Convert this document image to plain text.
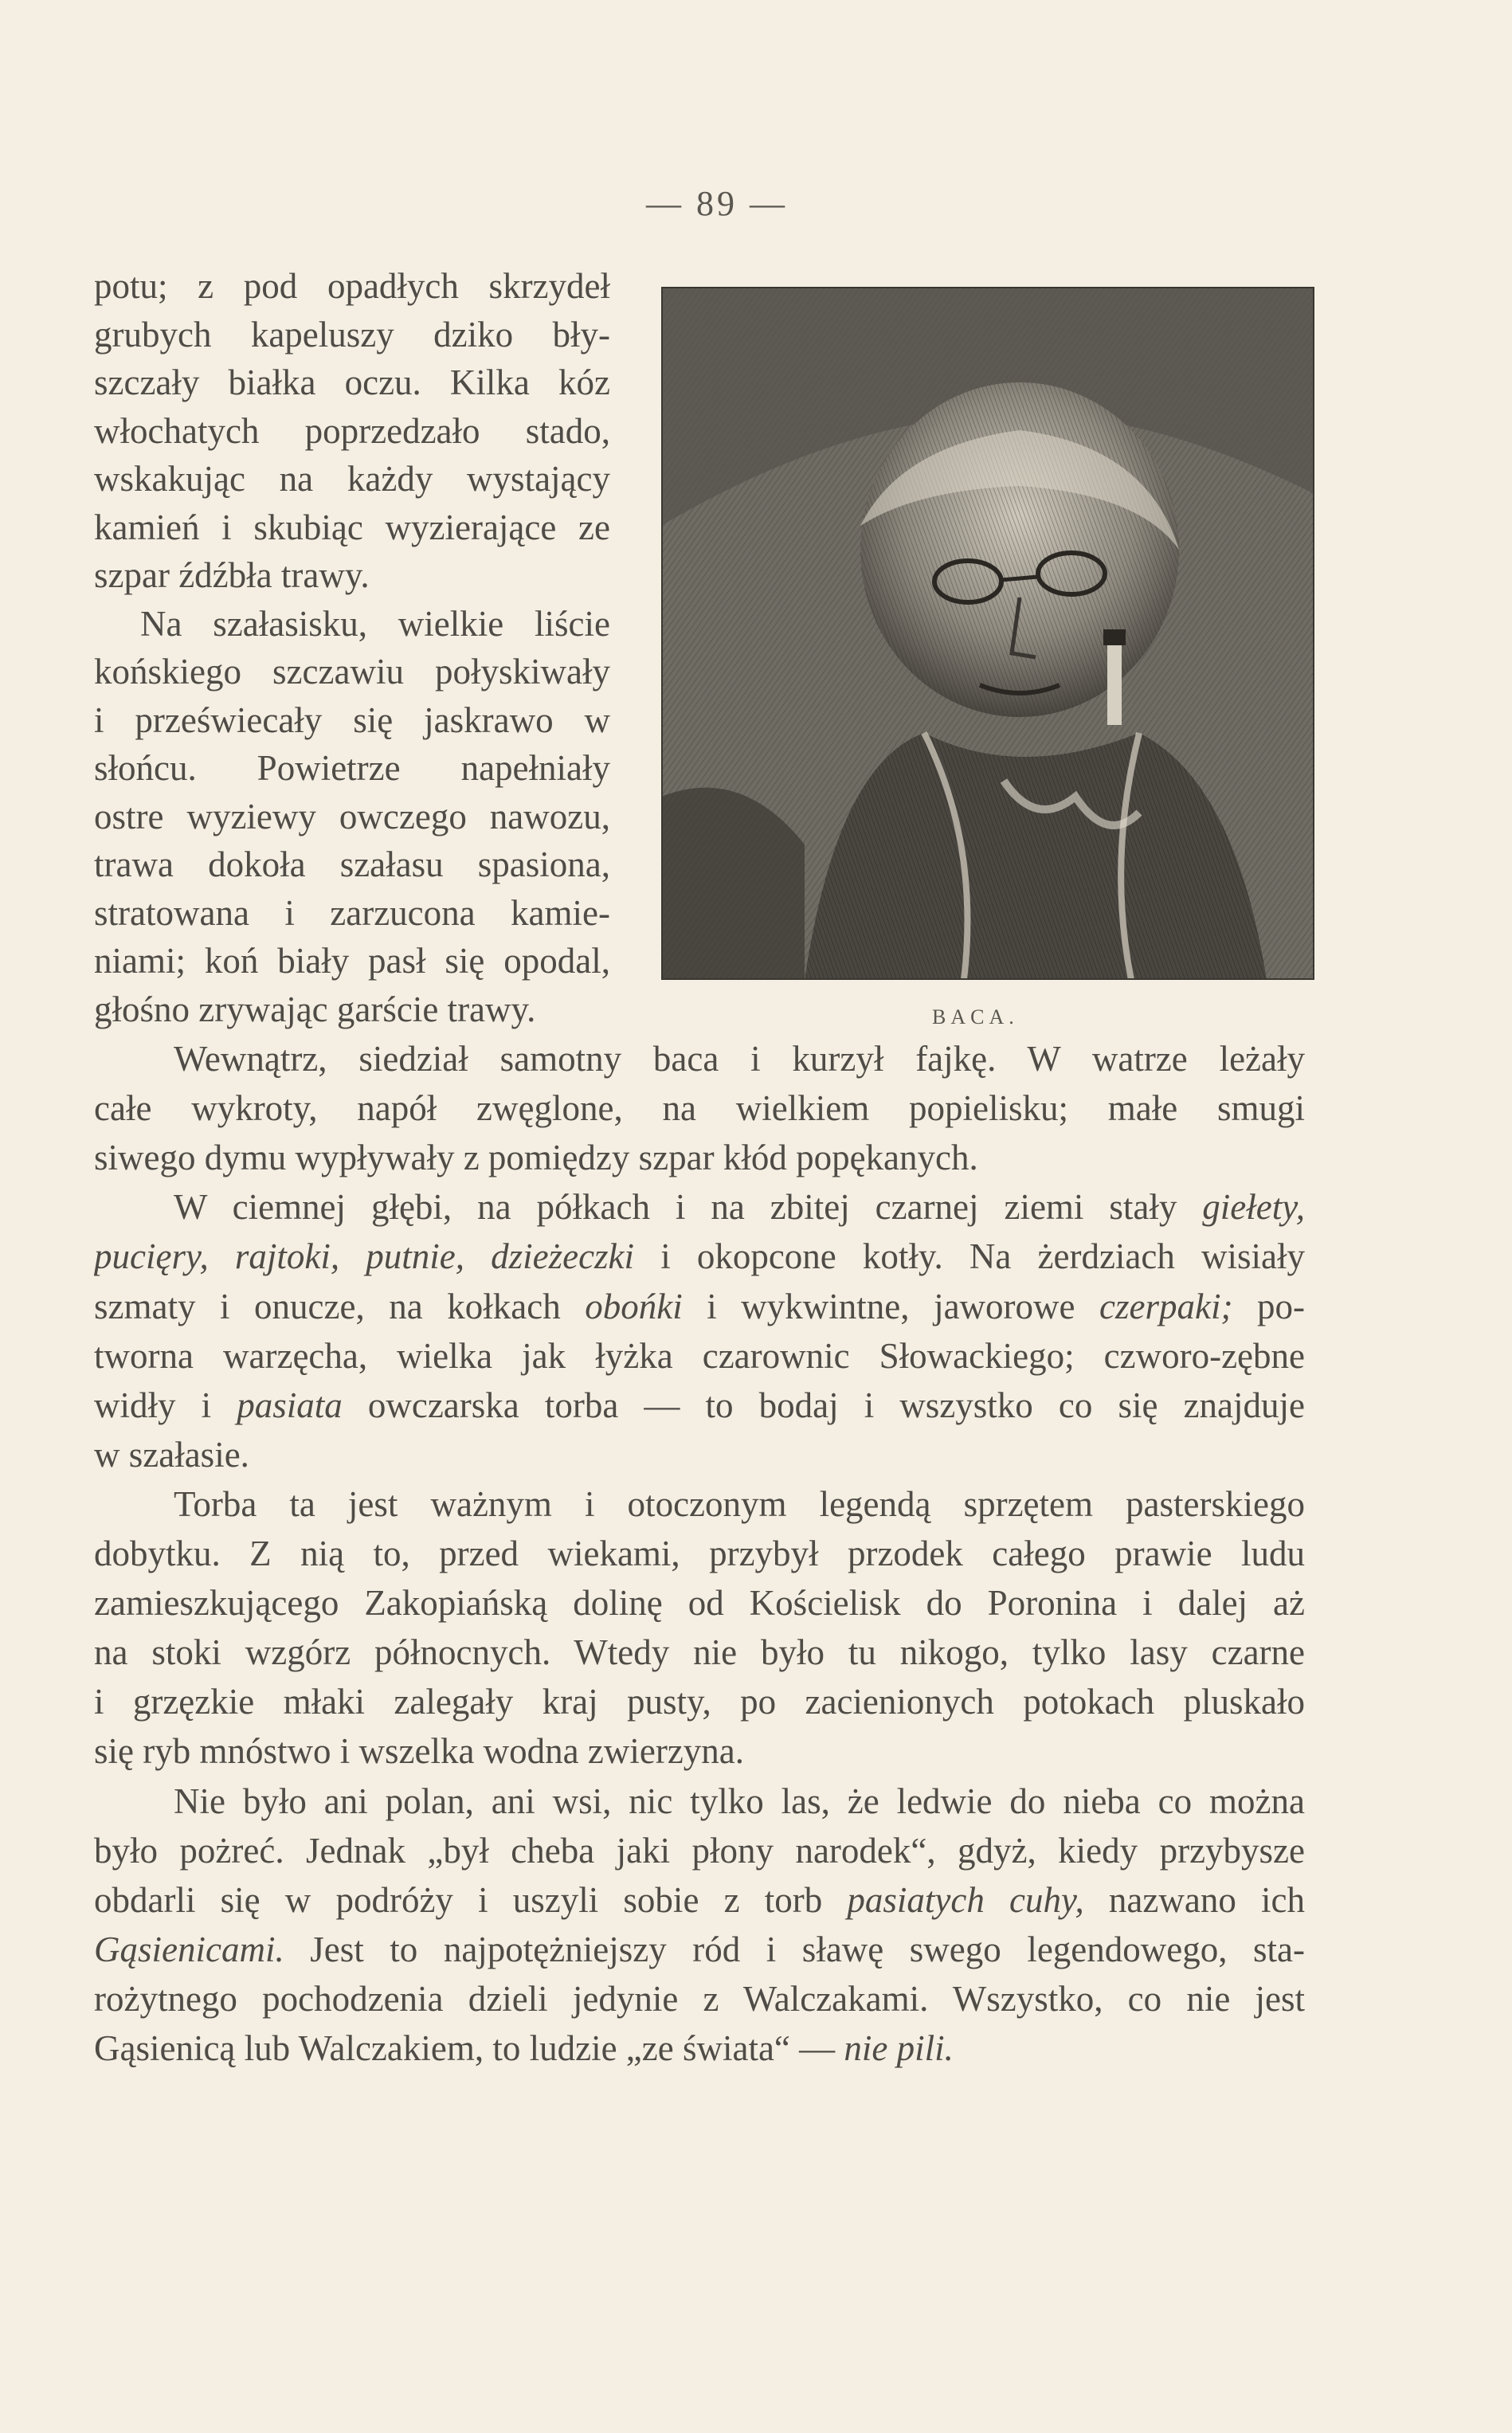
— 89 —
potu; z pod opadłych skrzydeł
grubych kapeluszy dziko bły-
szczały białka oczu. Kilka kóz
włochatych poprzedzało stado,
wskakując na każdy wystający
kamień i skubiąc wyzierające ze
szpar źdźbła trawy.
Na szałasisku, wielkie liście
końskiego szczawiu połyskiwały
i przeświecały się jaskrawo w
słońcu. Powietrze napełniały
ostre wyziewy owczego nawozu,
trawa dokoła szałasu spasiona,
stratowana i zarzucona kamie-
niami; koń biały pasł się opodal,
głośno zrywając garście trawy.	BACA.
Wewnątrz, siedział samotny baca i kurzył fajkę. W watrze leżały
całe wykroty, napół zwęglone, na wielkiem popielisku; małe smugi
siwego dymu wypływały z pomiędzy szpar kłód popękanych.
W ciemnej głębi, na półkach i na zbitej czarnej ziemi stały giełety,
pucięry, rajtoki, putnie, dzieżeczki i okopcone kotły. Na żerdziach wisiały
szmaty i onucze, na kołkach obońki i wykwintne, jaworowe czerpaki; po-
tworna warzęcha, wielka jak łyżka czarownic Słowackiego; czworo-zębne
widły i pasiata owczarska torba — to bodaj i wszystko co się znajduje
w szałasie.
Torba ta jest ważnym i otoczonym legendą sprzętem pasterskiego
dobytku. Z nią to, przed wiekami, przybył przodek całego prawie ludu
zamieszkującego Zakopiańską dolinę od Kościelisk do Poronina i dalej aż
na stoki wzgórz północnych. Wtedy nie było tu nikogo, tylko lasy czarne
i grzęzkie młaki zalegały kraj pusty, po zacienionych potokach pluskało
się ryb mnóstwo i wszelka wodna zwierzyna.
Nie było ani polan, ani wsi, nic tylko las, że ledwie do nieba co można
było pożreć. Jednak „był cheba jaki płony narodek“, gdyż, kiedy przybysze
obdarli się w podróży i uszyli sobie z torb pasiatych cuhy, nazwano ich
Gąsienicami. Jest to najpotężniejszy ród i sławę swego legendowego, sta-
rożytnego pochodzenia dzieli jedynie z Walczakami. Wszystko, co nie jest
Gąsienicą lub Walczakiem, to ludzie „ze świata“ — nie pili.
